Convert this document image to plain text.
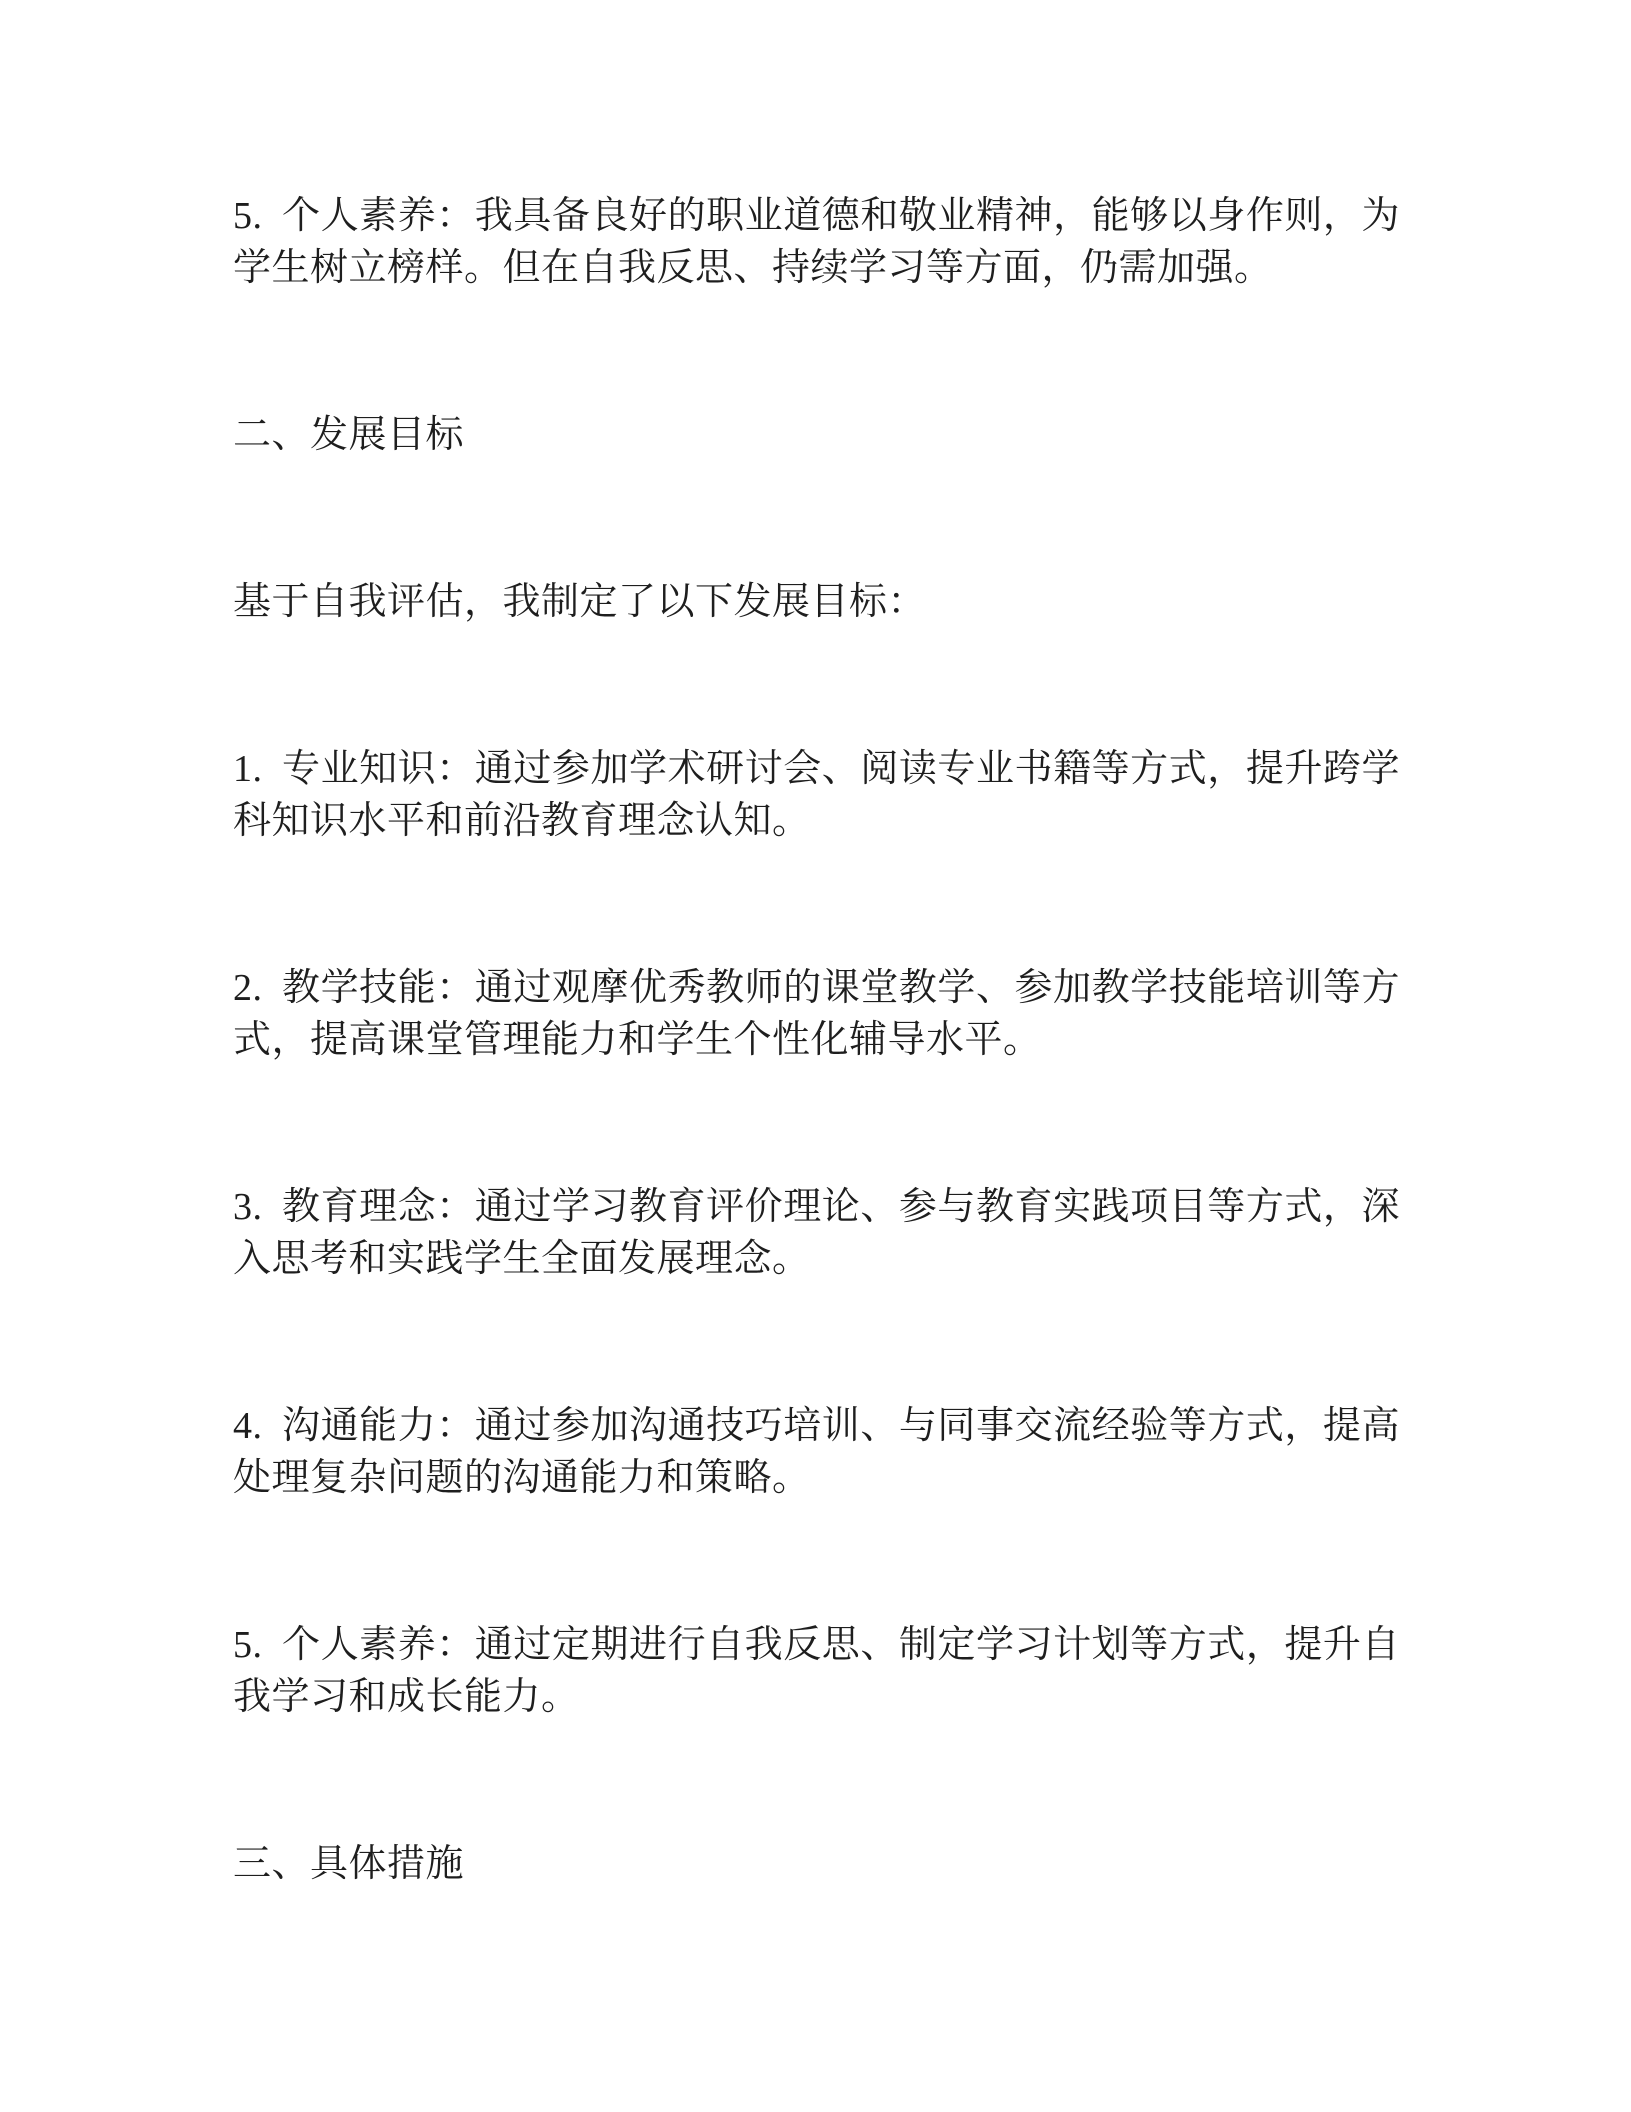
5. 个人素养：我具备良好的职业道德和敬业精神，能够以身作则，为学生树立榜样。但在自我反思、持续学习等方面，仍需加强。

二、发展目标

基于自我评估，我制定了以下发展目标：

1. 专业知识：通过参加学术研讨会、阅读专业书籍等方式，提升跨学科知识水平和前沿教育理念认知。

2. 教学技能：通过观摩优秀教师的课堂教学、参加教学技能培训等方式，提高课堂管理能力和学生个性化辅导水平。

3. 教育理念：通过学习教育评价理论、参与教育实践项目等方式，深入思考和实践学生全面发展理念。

4. 沟通能力：通过参加沟通技巧培训、与同事交流经验等方式，提高处理复杂问题的沟通能力和策略。

5. 个人素养：通过定期进行自我反思、制定学习计划等方式，提升自我学习和成长能力。

三、具体措施
